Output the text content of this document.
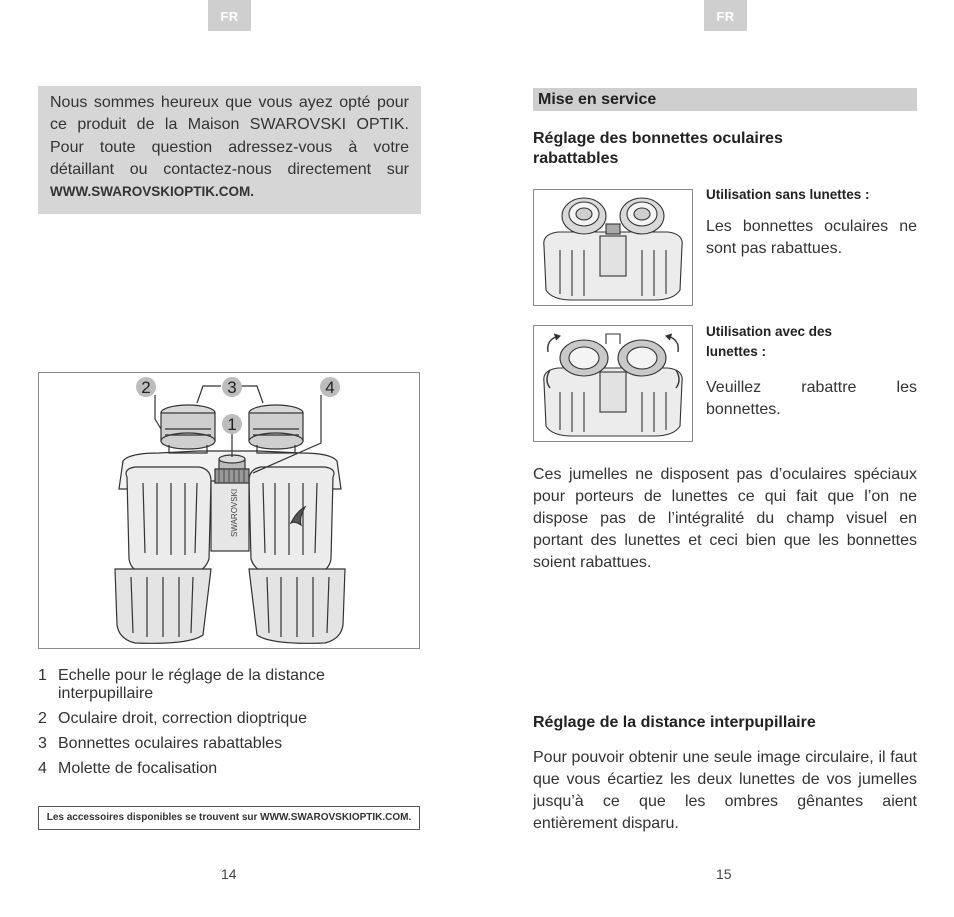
FR

Nous sommes heureux que vous ayez opté pour ce produit de la Maison SWAROVSKI OPTIK. Pour toute question adressez-vous à votre détaillant ou contactez-nous directement sur WWW.SWAROVSKIOPTIK.COM.

SWAROVSKI
2	3	4
1
1 Echelle pour le réglage de la distance interpupillaire
2 Oculaire droit, correction dioptrique
3 Bonnettes oculaires rabattables
4 Molette de focalisation
Les accessoires disponibles se trouvent sur WWW.SWAROVSKIOPTIK.COM.
14
FR
Mise en service
Réglage des bonnettes oculaires rabattables
Utilisation sans lunettes :

Les bonnettes oculaires ne sont pas rabattues.

Utilisation avec des lunettes :

Veuillez rabattre les bonnettes.

Ces jumelles ne disposent pas d’oculaires spéciaux pour porteurs de lunettes ce qui fait que l’on ne dispose pas de l’intégralité du champ visuel en portant des lunettes et ceci bien que les bonnettes soient rabattues.

Réglage de la distance interpupillaire

Pour pouvoir obtenir une seule image circulaire, il faut que vous écartiez les deux lunettes de vos jumelles jusqu’à ce que les ombres gênantes aient entièrement disparu.

15
